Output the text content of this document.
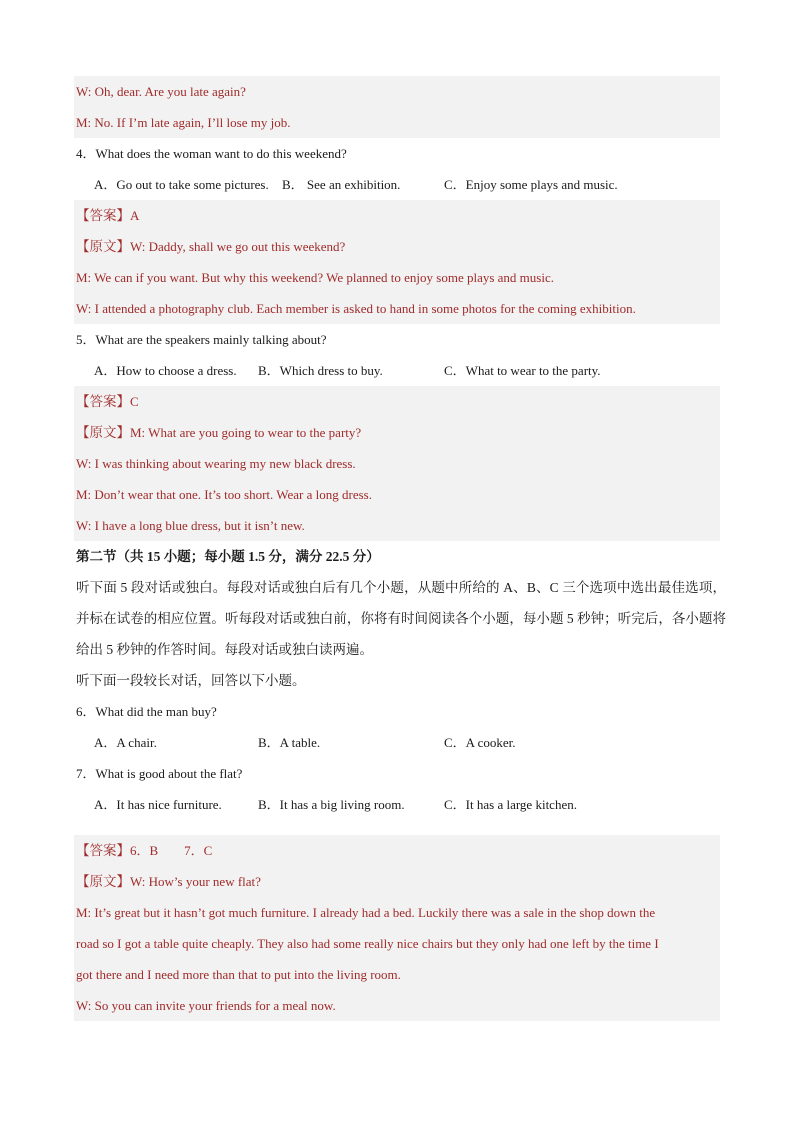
W: Oh, dear. Are you late again?
M: No. If I’m late again, I’ll lose my job.
4．What does the woman want to do this weekend?
A．Go out to take some pictures. B． See an exhibition.	C．Enjoy some plays and music.
【答案】A
【原文】W: Daddy, shall we go out this weekend?
M: We can if you want. But why this weekend? We planned to enjoy some plays and music.
W: I attended a photography club. Each member is asked to hand in some photos for the coming exhibition.
5．What are the speakers mainly talking about?
A．How to choose a dress. B．Which dress to buy.	C．What to wear to the party.
【答案】C
【原文】M: What are you going to wear to the party?
W: I was thinking about wearing my new black dress.
M: Don’t wear that one. It’s too short. Wear a long dress.
W: I have a long blue dress, but it isn’t new.
第二节（共 15 小题；每小题 1.5 分，满分 22.5 分）
听下面 5 段对话或独白。每段对话或独白后有几个小题，从题中所给的 A、B、C 三个选项中选出最佳选项，并标在试卷的相应位置。听每段对话或独白前，你将有时间阅读各个小题，每小题 5 秒钟；听完后，各小题将给出 5 秒钟的作答时间。每段对话或独白读两遍。
听下面一段较长对话，回答以下小题。
6．What did the man buy?
A．A chair.	B．A table.	C．A cooker.
7．What is good about the flat?
A．It has nice furniture.	B．It has a big living room.	C．It has a large kitchen.
【答案】6．B        7．C
【原文】W: How’s your new flat?
M: It’s great but it hasn’t got much furniture. I already had a bed. Luckily there was a sale in the shop down the
road so I got a table quite cheaply. They also had some really nice chairs but they only had one left by the time I
got there and I need more than that to put into the living room.
W: So you can invite your friends for a meal now.
